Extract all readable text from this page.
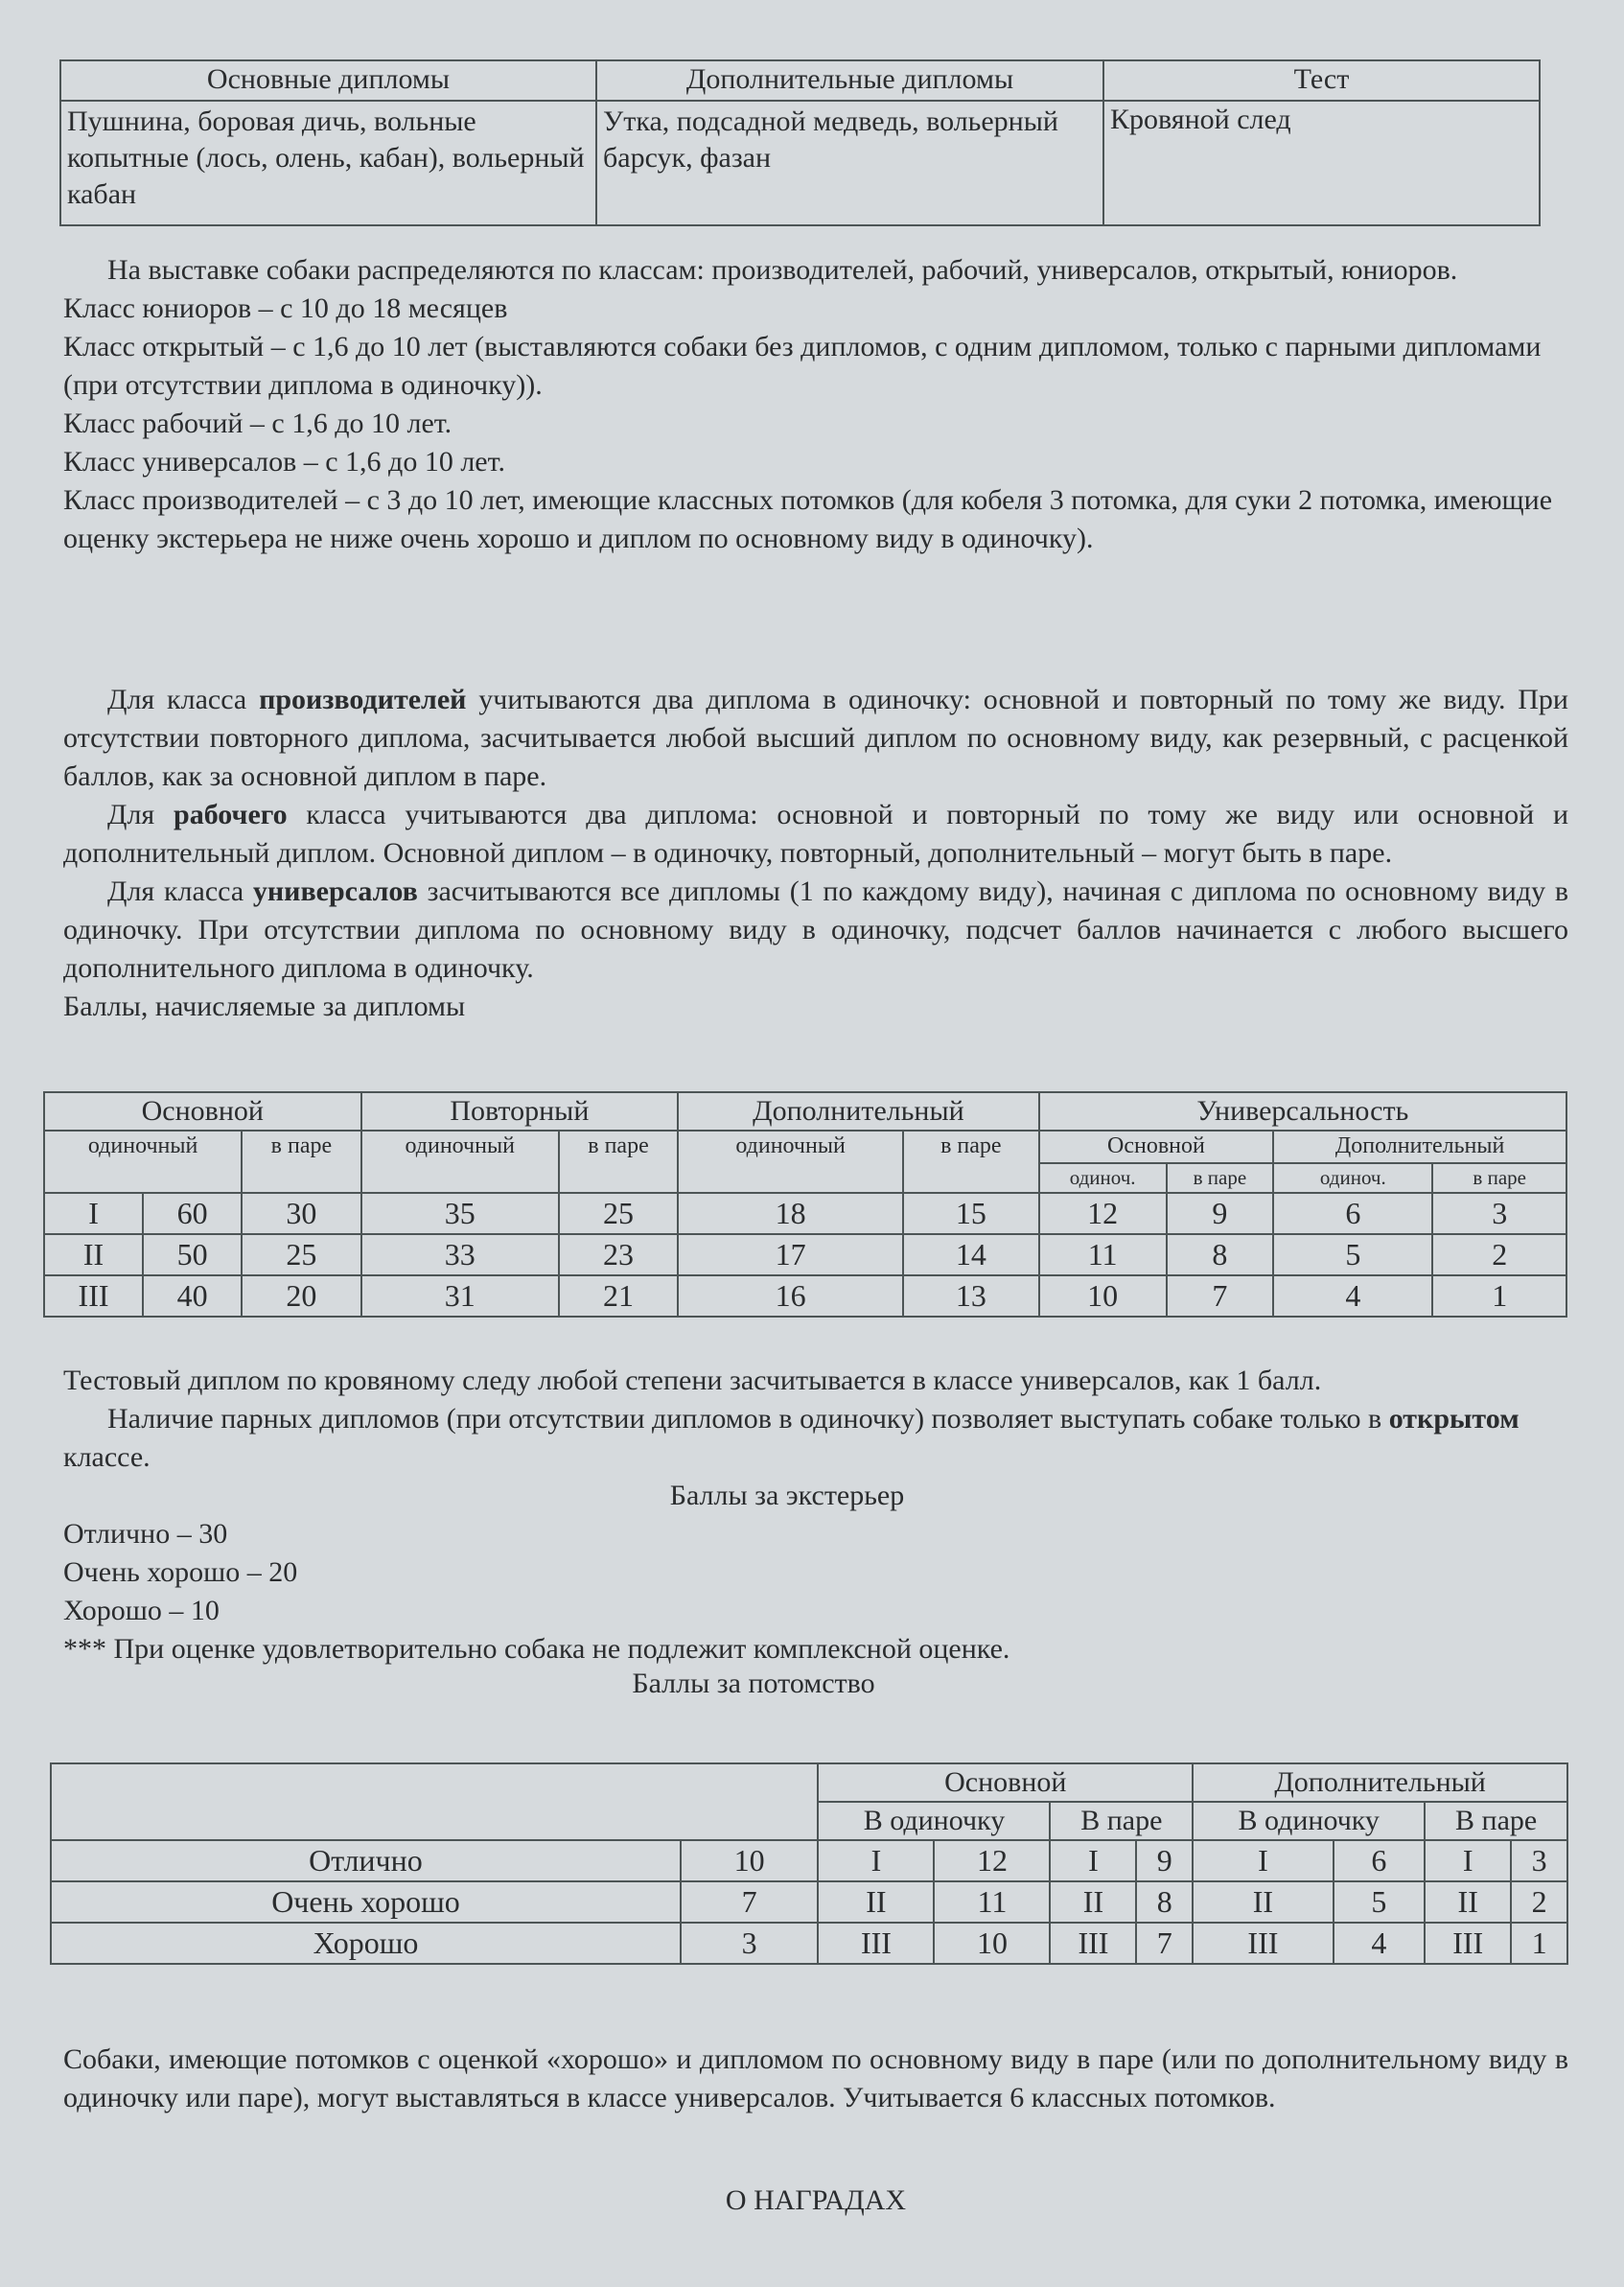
Основные дипломы	Дополнительные дипломы	Тест
Пушнина, боровая дичь, вольные копытные (лось, олень, кабан), вольерный кабан	Утка, подсадной медведь, вольерный барсук, фазан	Кровяной след
На выставке собаки распределяются по классам: производителей, рабочий, универсалов, открытый, юниоров.
Класс юниоров – с 10 до 18 месяцев
Класс открытый – с 1,6 до 10 лет (выставляются собаки без дипломов, с одним дипломом, только с парными дипломами (при отсутствии диплома в одиночку)).
Класс рабочий – с 1,6 до 10 лет.
Класс универсалов – с 1,6 до 10 лет.
Класс производителей – с 3 до 10 лет, имеющие классных потомков (для кобеля 3 потомка, для суки 2 потомка, имеющие оценку экстерьера не ниже очень хорошо и диплом по основному виду в одиночку).
Для класса производителей учитываются два диплома в одиночку: основной и повторный по тому же виду. При отсутствии повторного диплома, засчитывается любой высший диплом по основному виду, как резервный, с расценкой баллов, как за основной диплом в паре.
Для рабочего класса учитываются два диплома: основной и повторный по тому же виду или основной и дополнительный диплом. Основной диплом – в одиночку, повторный, дополнительный – могут быть в паре.
Для класса универсалов засчитываются все дипломы (1 по каждому виду), начиная с диплома по основному виду в одиночку. При отсутствии диплома по основному виду в одиночку, подсчет баллов начинается с любого высшего дополнительного диплома в одиночку.
Баллы, начисляемые за дипломы
Основной			Повторный		Дополнительный		Универсальность			
одиночный		в паре	одиночный	в паре	одиночный	в паре	Основной		Дополнительный	
							одиноч.	в паре	одиноч.	в паре
I	60	30	35	25	18	15	12	9	6	3
II	50	25	33	23	17	14	11	8	5	2
III	40	20	31	21	16	13	10	7	4	1
Тестовый диплом по кровяному следу любой степени засчитывается в классе универсалов, как 1 балл.
Наличие парных дипломов (при отсутствии дипломов в одиночку) позволяет выступать собаке только в открытом классе.
Баллы за экстерьер
Отлично – 30
Очень хорошо – 20
Хорошо – 10
*** При оценке удовлетворительно собака не подлежит комплексной оценке.
Баллы за потомство
		Основной				Дополнительный			
		В одиночку		В паре		В одиночку		В паре	
Отлично	10	I	12	I	9	I	6	I	3
Очень хорошо	7	II	11	II	8	II	5	II	2
Хорошо	3	III	10	III	7	III	4	III	1
Собаки, имеющие потомков с оценкой «хорошо» и дипломом по основному виду в паре (или по дополнительному виду в одиночку или паре), могут выставляться в классе универсалов. Учитывается 6 классных потомков.
О НАГРАДАХ
